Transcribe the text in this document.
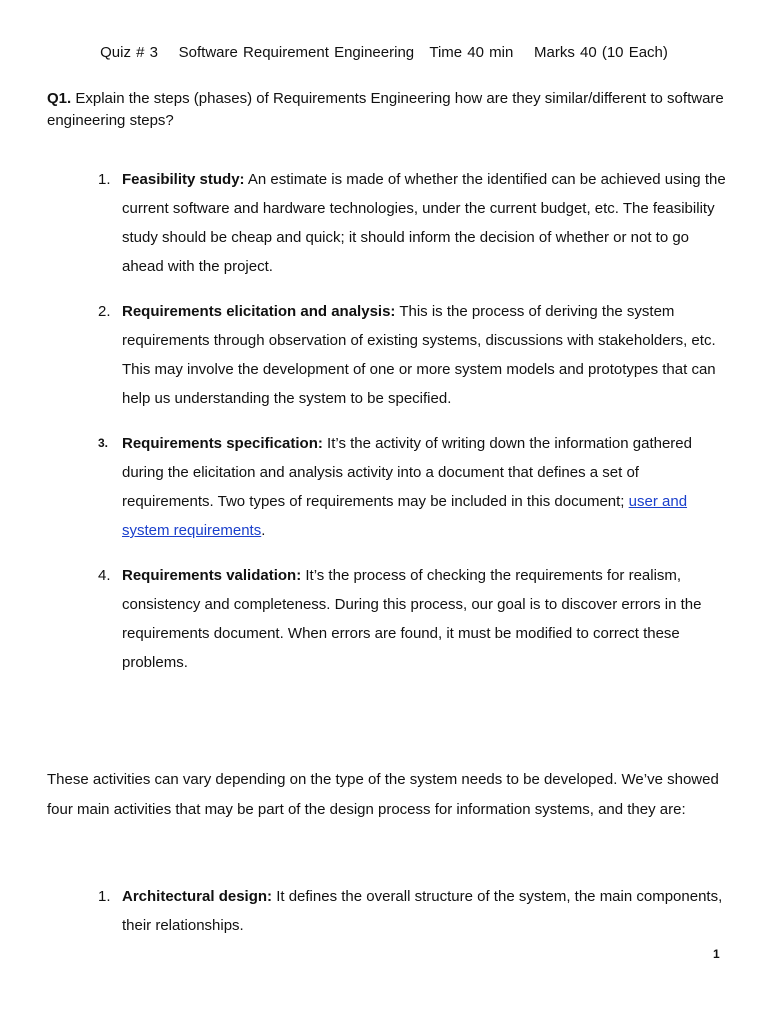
Quiz # 3    Software Requirement Engineering   Time 40 min    Marks 40 (10 Each)
Q1. Explain the steps (phases) of Requirements Engineering how are they similar/different to software engineering steps?
1. Feasibility study: An estimate is made of whether the identified can be achieved using the current software and hardware technologies, under the current budget, etc. The feasibility study should be cheap and quick; it should inform the decision of whether or not to go ahead with the project.
2. Requirements elicitation and analysis: This is the process of deriving the system requirements through observation of existing systems, discussions with stakeholders, etc. This may involve the development of one or more system models and prototypes that can help us understanding the system to be specified.
3. Requirements specification: It’s the activity of writing down the information gathered during the elicitation and analysis activity into a document that defines a set of requirements. Two types of requirements may be included in this document; user and system requirements.
4. Requirements validation: It’s the process of checking the requirements for realism, consistency and completeness. During this process, our goal is to discover errors in the requirements document. When errors are found, it must be modified to correct these problems.
These activities can vary depending on the type of the system needs to be developed. We’ve showed four main activities that may be part of the design process for information systems, and they are:
1. Architectural design: It defines the overall structure of the system, the main components, their relationships.
1
